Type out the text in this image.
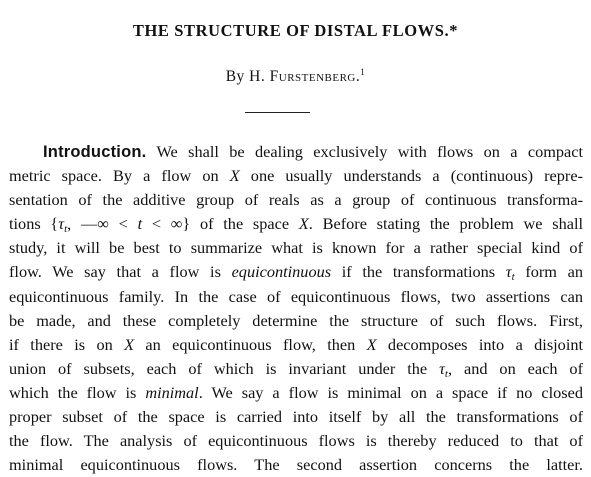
THE STRUCTURE OF DISTAL FLOWS.*
By H. Furstenberg.$^1$
Introduction. We shall be dealing exclusively with flows on a compact
metric space. By a flow on X one usually understands a (continuous) repre-
sentation of the additive group of reals as a group of continuous transforma-
tions {$\tau_t$, —∞ < t < ∞} of the space X. Before stating the problem we shall
study, it will be best to summarize what is known for a rather special kind of
flow. We say that a flow is equicontinuous if the transformations $\tau_t$ form an
equicontinuous family. In the case of equicontinuous flows, two assertions can
be made, and these completely determine the structure of such flows. First,
if there is on X an equicontinuous flow, then X decomposes into a disjoint
union of subsets, each of which is invariant under the $\tau_t$, and on each of
which the flow is minimal. We say a flow is minimal on a space if no closed
proper subset of the space is carried into itself by all the transformations of
the flow. The analysis of equicontinuous flows is thereby reduced to that of
minimal equicontinuous flows. The second assertion concerns the latter.
